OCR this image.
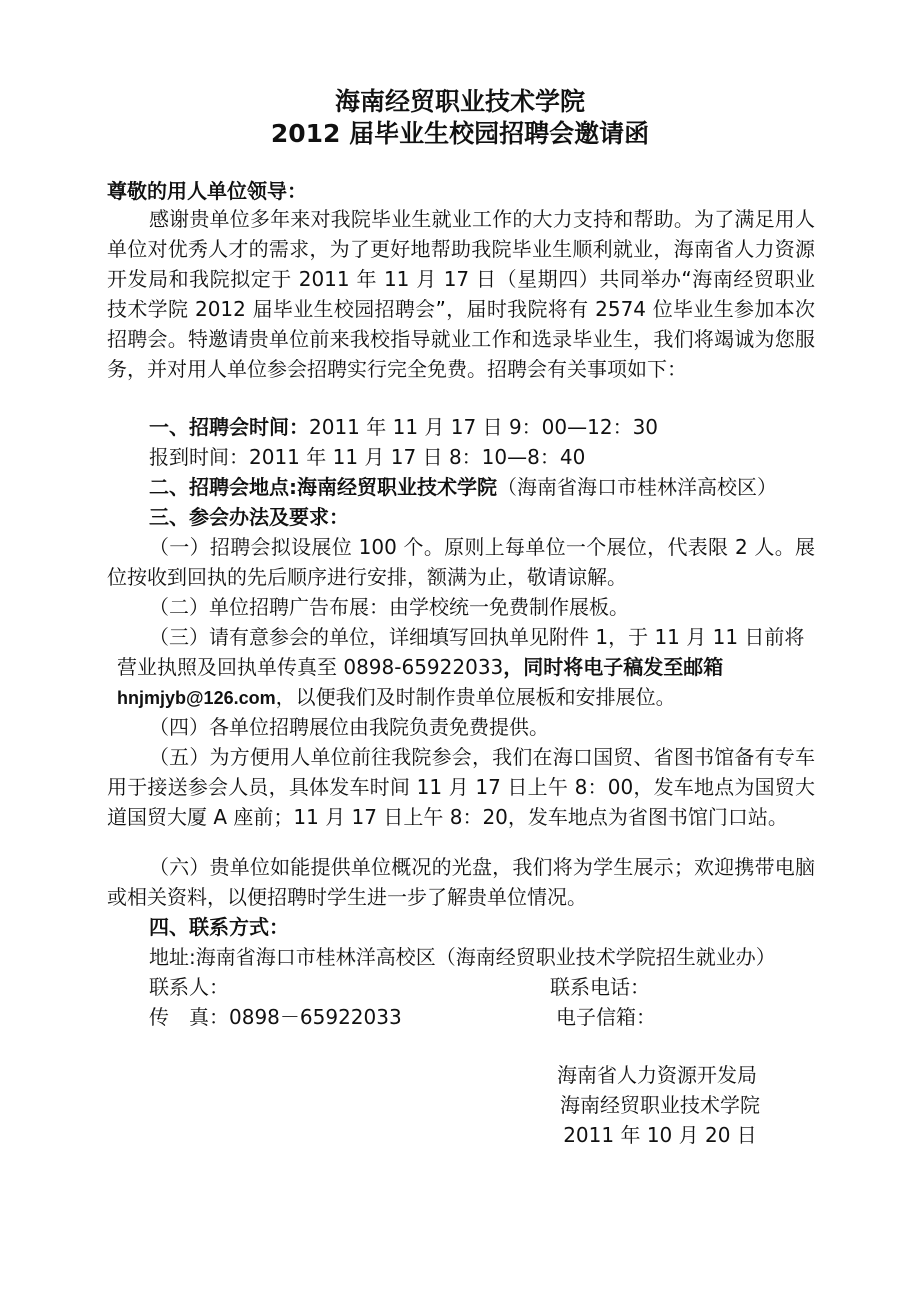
海南经贸职业技术学院
2012 届毕业生校园招聘会邀请函
尊敬的用人单位领导：
感谢贵单位多年来对我院毕业生就业工作的大力支持和帮助。为了满足用人单位对优秀人才的需求，为了更好地帮助我院毕业生顺利就业，海南省人力资源开发局和我院拟定于 2011 年 11 月 17 日（星期四）共同举办“海南经贸职业技术学院 2012 届毕业生校园招聘会”，届时我院将有 2574 位毕业生参加本次招聘会。特邀请贵单位前来我校指导就业工作和选录毕业生，我们将竭诚为您服务，并对用人单位参会招聘实行完全免费。招聘会有关事项如下：
一、招聘会时间：2011 年 11 月 17 日 9：00—12：30
报到时间：2011 年 11 月 17 日 8：10—8：40
二、招聘会地点:海南经贸职业技术学院（海南省海口市桂林洋高校区）
三、参会办法及要求：
（一）招聘会拟设展位 100 个。原则上每单位一个展位，代表限 2 人。展位按收到回执的先后顺序进行安排，额满为止，敬请谅解。
（二）单位招聘广告布展：由学校统一免费制作展板。
（三）请有意参会的单位，详细填写回执单见附件 1，于 11 月 11 日前将
营业执照及回执单传真至 0898-65922033，同时将电子稿发至邮箱
hnjmjyb@126.com，以便我们及时制作贵单位展板和安排展位。
（四）各单位招聘展位由我院负责免费提供。
（五）为方便用人单位前往我院参会，我们在海口国贸、省图书馆备有专车用于接送参会人员，具体发车时间 11 月 17 日上午 8：00，发车地点为国贸大道国贸大厦 A 座前；11 月 17 日上午 8：20，发车地点为省图书馆门口站。
（六）贵单位如能提供单位概况的光盘，我们将为学生展示；欢迎携带电脑或相关资料，以便招聘时学生进一步了解贵单位情况。
四、联系方式：
地址:海南省海口市桂林洋高校区（海南经贸职业技术学院招生就业办）
联系人：	联系电话：
传　真：0898－65922033	电子信箱：
海南省人力资源开发局
海南经贸职业技术学院
2011 年 10 月 20 日
